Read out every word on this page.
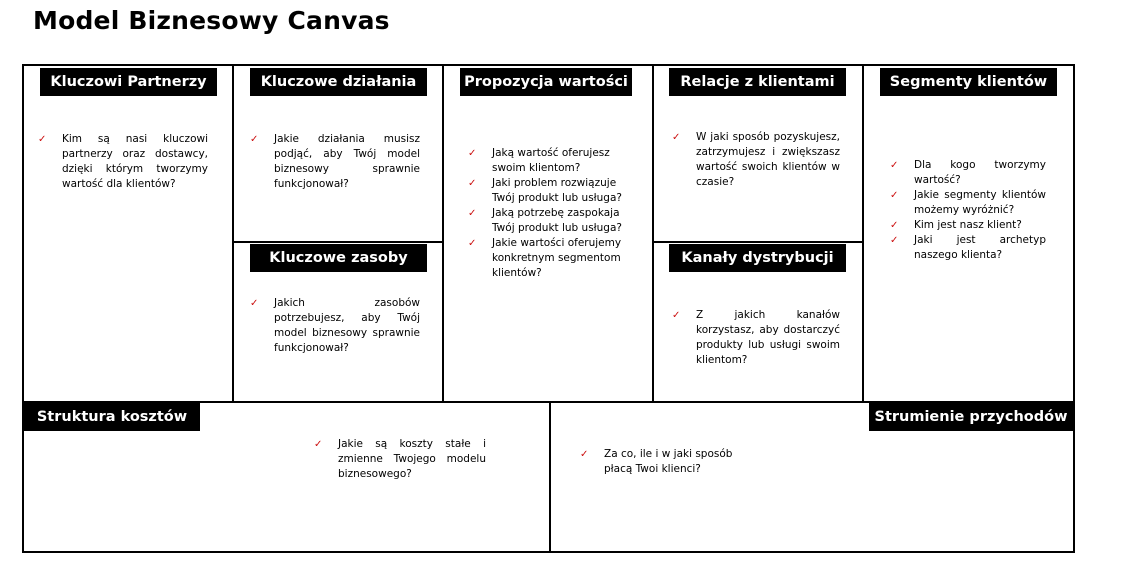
Model Biznesowy Canvas
Kluczowi Partnerzy
✓ Kim są nasi kluczowi partnerzy oraz dostawcy, dzięki którym tworzymy wartość dla klientów?
Kluczowe działania
✓ Jakie działania musisz podjąć, aby Twój model biznesowy sprawnie funkcjonował?
Kluczowe zasoby
✓ Jakich zasobów potrzebujesz, aby Twój model biznesowy sprawnie funkcjonował?
Propozycja wartości
✓ Jaką wartość oferujesz swoim klientom?
✓ Jaki problem rozwiązuje Twój produkt lub usługa?
✓ Jaką potrzebę zaspokaja Twój produkt lub usługa?
✓ Jakie wartości oferujemy konkretnym segmentom klientów?
Relacje z klientami
✓ W jaki sposób pozyskujesz, zatrzymujesz i zwiększasz wartość swoich klientów w czasie?
Kanały dystrybucji
✓ Z jakich kanałów korzystasz, aby dostarczyć produkty lub usługi swoim klientom?
Segmenty klientów
✓ Dla kogo tworzymy wartość?
✓ Jakie segmenty klientów możemy wyróżnić?
✓ Kim jest nasz klient?
✓ Jaki jest archetyp naszego klienta?
Struktura kosztów
✓ Jakie są koszty stałe i zmienne Twojego modelu biznesowego?
Strumienie przychodów
✓ Za co, ile i w jaki sposób płacą Twoi klienci?
